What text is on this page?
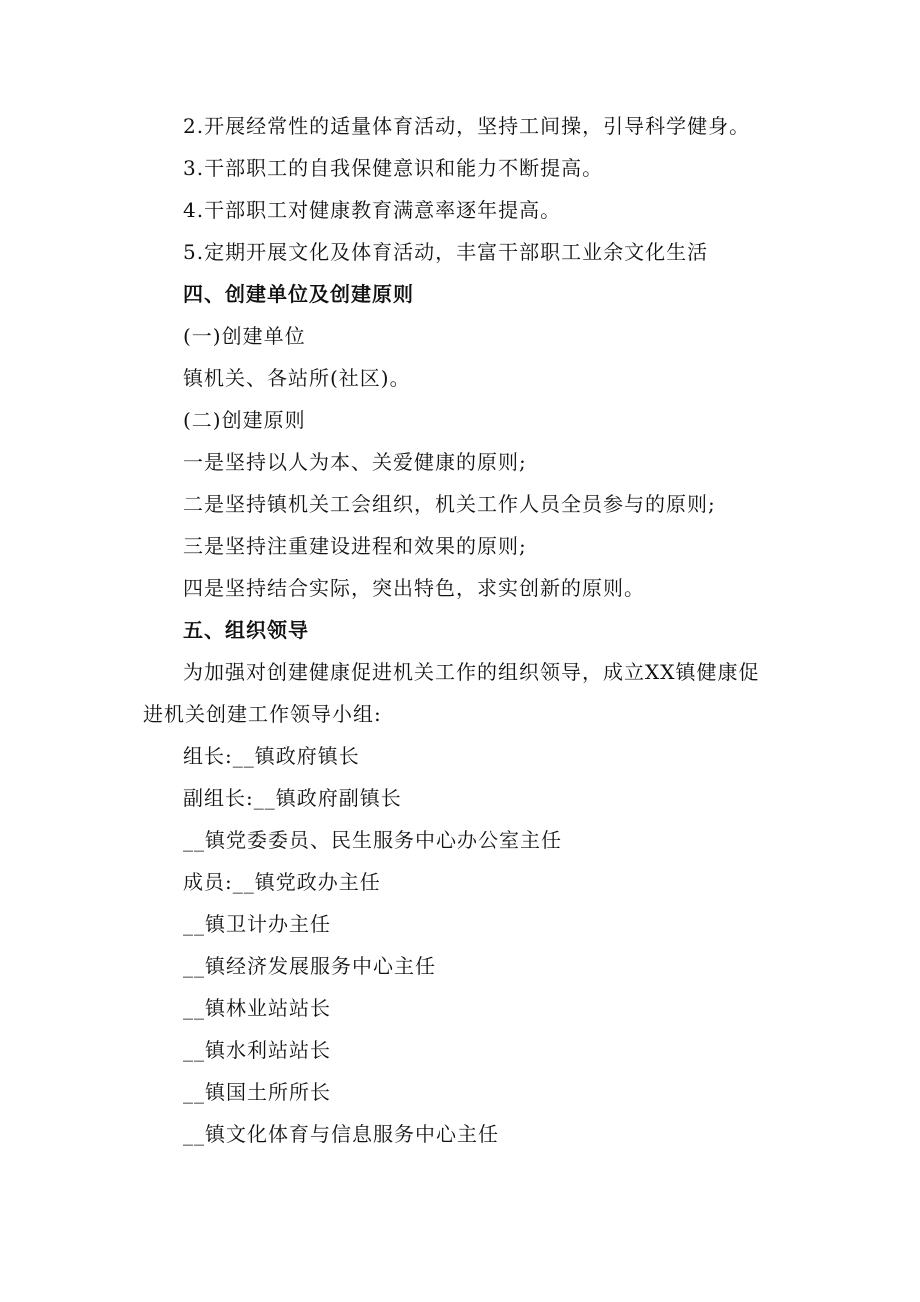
2.开展经常性的适量体育活动，坚持工间操，引导科学健身。
3.干部职工的自我保健意识和能力不断提高。
4.干部职工对健康教育满意率逐年提高。
5.定期开展文化及体育活动，丰富干部职工业余文化生活
四、创建单位及创建原则
(一)创建单位
镇机关、各站所(社区)。
(二)创建原则
一是坚持以人为本、关爱健康的原则;
二是坚持镇机关工会组织，机关工作人员全员参与的原则;
三是坚持注重建设进程和效果的原则;
四是坚持结合实际，突出特色，求实创新的原则。
五、组织领导
为加强对创建健康促进机关工作的组织领导，成立XX镇健康促
进机关创建工作领导小组:
组长:__镇政府镇长
副组长:__镇政府副镇长
__镇党委委员、民生服务中心办公室主任
成员:__镇党政办主任
__镇卫计办主任
__镇经济发展服务中心主任
__镇林业站站长
__镇水利站站长
__镇国土所所长
__镇文化体育与信息服务中心主任
